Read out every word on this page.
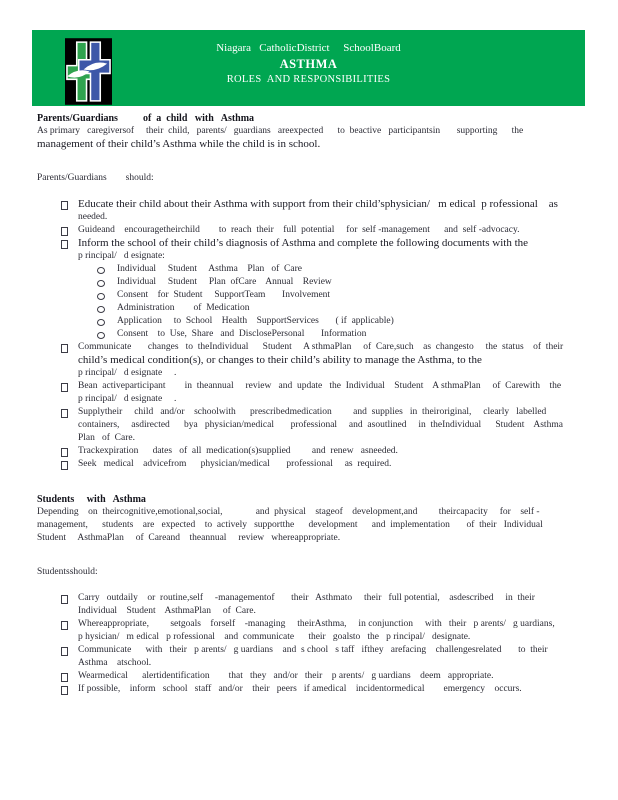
Niagara   CatholicDistrict     SchoolBoard
ASTHMA
ROLES  AND RESPONSIBILITIES
Parents/Guardians          of  a  child   with   Asthma

As primary   caregiversof     their  child,   parents/   guardians   areexpected      to  beactive   participantsin       supporting      the
management of their child’s Asthma while the child is in school.

Parents/Guardians        should:

Educate their child about their Asthma with support from their child’sphysician/   m edical  p rofessional    as
needed.
Guideand    encouragetheirchild        to  reach  their    full  potential     for  self -management      and  self -advocacy.
Inform the school of their child’s diagnosis of Asthma and complete the following documents with the
p rincipal/   d esignate:
Individual     Student     Asthma    Plan   of  Care
Individual     Student     Plan  ofCare    Annual    Review
Consent    for  Student     SupportTeam       Involvement
Administration        of  Medication
Application     to  School    Health    SupportServices       ( if  applicable)
Consent    to  Use,  Share   and  DisclosePersonal       Information
Communicate       changes   to  theIndividual      Student     A sthmaPlan     of  Care,such    as  changesto     the  status    of  their
child’s medical condition(s), or changes to their child’s ability to manage the Asthma, to the
p rincipal/   d esignate     .
Bean  activeparticipant        in  theannual     review   and  update   the  Individual    Student    A sthmaPlan     of  Carewith    the
p rincipal/   d esignate     .
Supplytheir     child   and/or    schoolwith      prescribedmedication         and  supplies   in  theiroriginal,     clearly   labelled
containers,     asdirected      bya   physician/medical       professional     and  asoutlined     in  theIndividual      Student    Asthma
Plan   of  Care.
Trackexpiration      dates   of  all  medication(s)supplied         and  renew   asneeded.
Seek   medical    advicefrom      physician/medical       professional     as  required.
Students     with   Asthma

Depending    on  theircognitive,emotional,social,              and  physical    stageof    development,and         theircapacity     for    self -
management,      students    are   expected    to  actively   supportthe      development      and  implementation       of  their   Individual
Student     AsthmaPlan     of  Careand    theannual     review   whereappropriate.

Studentsshould:

Carry   outdaily    or  routine,self     -managementof       their   Asthmato     their   full potential,    asdescribed     in  their
Individual    Student    AsthmaPlan     of  Care.
Whereappropriate,         setgoals    forself    -managing     theirAsthma,     in conjunction     with   their   p arents/   g uardians,
p hysician/   m edical   p rofessional    and  communicate      their   goalsto   the   p rincipal/   designate.
Communicate      with   their   p arents/   g uardians    and  s chool   s taff   ifthey   arefacing    challengesrelated       to  their
Asthma    atschool.
Wearmedical      alertidentification        that   they   and/or   their    p arents/   g uardians    deem   appropriate.
If possible,    inform   school   staff   and/or    their   peers   if amedical    incidentormedical        emergency    occurs.
